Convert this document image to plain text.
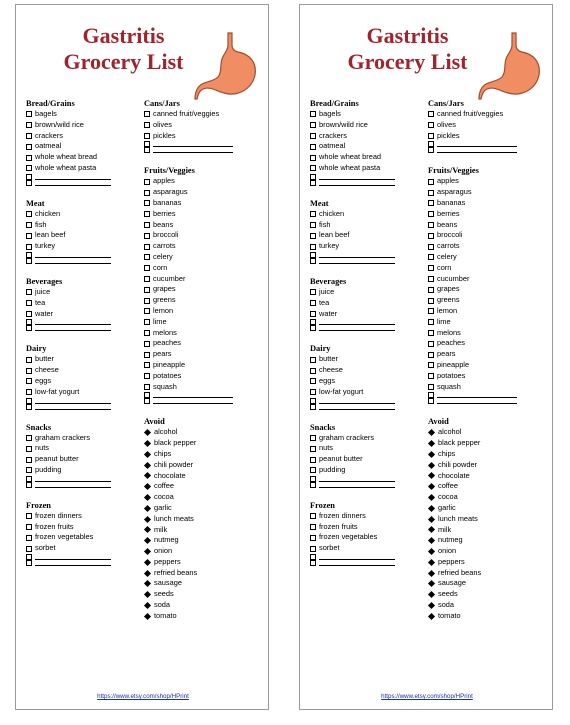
Gastritis
Grocery List
Bread/Grains
bagels
brown/wild rice
crackers
oatmeal
whole wheat bread
whole wheat pasta
Meat
chicken
fish
lean beef
turkey
Beverages
juice
tea
water
Dairy
butter
cheese
eggs
low-fat yogurt
Snacks
graham crackers
nuts
peanut butter
pudding
Frozen
frozen dinners
frozen fruits
frozen vegetables
sorbet
Cans/Jars
canned fruit/veggies
olives
pickles
Fruits/Veggies
apples
asparagus
bananas
berries
beans
broccoli
carrots
celery
corn
cucumber
grapes
greens
lemon
lime
melons
peaches
pears
pineapple
potatoes
squash
Avoid
alcohol
black pepper
chips
chili powder
chocolate
coffee
cocoa
garlic
lunch meats
milk
nutmeg
onion
peppers
refried beans
sausage
seeds
soda
tomato
https://www.etsy.com/shop/HPrint
Gastritis
Grocery List
Bread/Grains
bagels
brown/wild rice
crackers
oatmeal
whole wheat bread
whole wheat pasta
Meat
chicken
fish
lean beef
turkey
Beverages
juice
tea
water
Dairy
butter
cheese
eggs
low-fat yogurt
Snacks
graham crackers
nuts
peanut butter
pudding
Frozen
frozen dinners
frozen fruits
frozen vegetables
sorbet
Cans/Jars
canned fruit/veggies
olives
pickles
Fruits/Veggies
apples
asparagus
bananas
berries
beans
broccoli
carrots
celery
corn
cucumber
grapes
greens
lemon
lime
melons
peaches
pears
pineapple
potatoes
squash
Avoid
alcohol
black pepper
chips
chili powder
chocolate
coffee
cocoa
garlic
lunch meats
milk
nutmeg
onion
peppers
refried beans
sausage
seeds
soda
tomato
https://www.etsy.com/shop/HPrint
